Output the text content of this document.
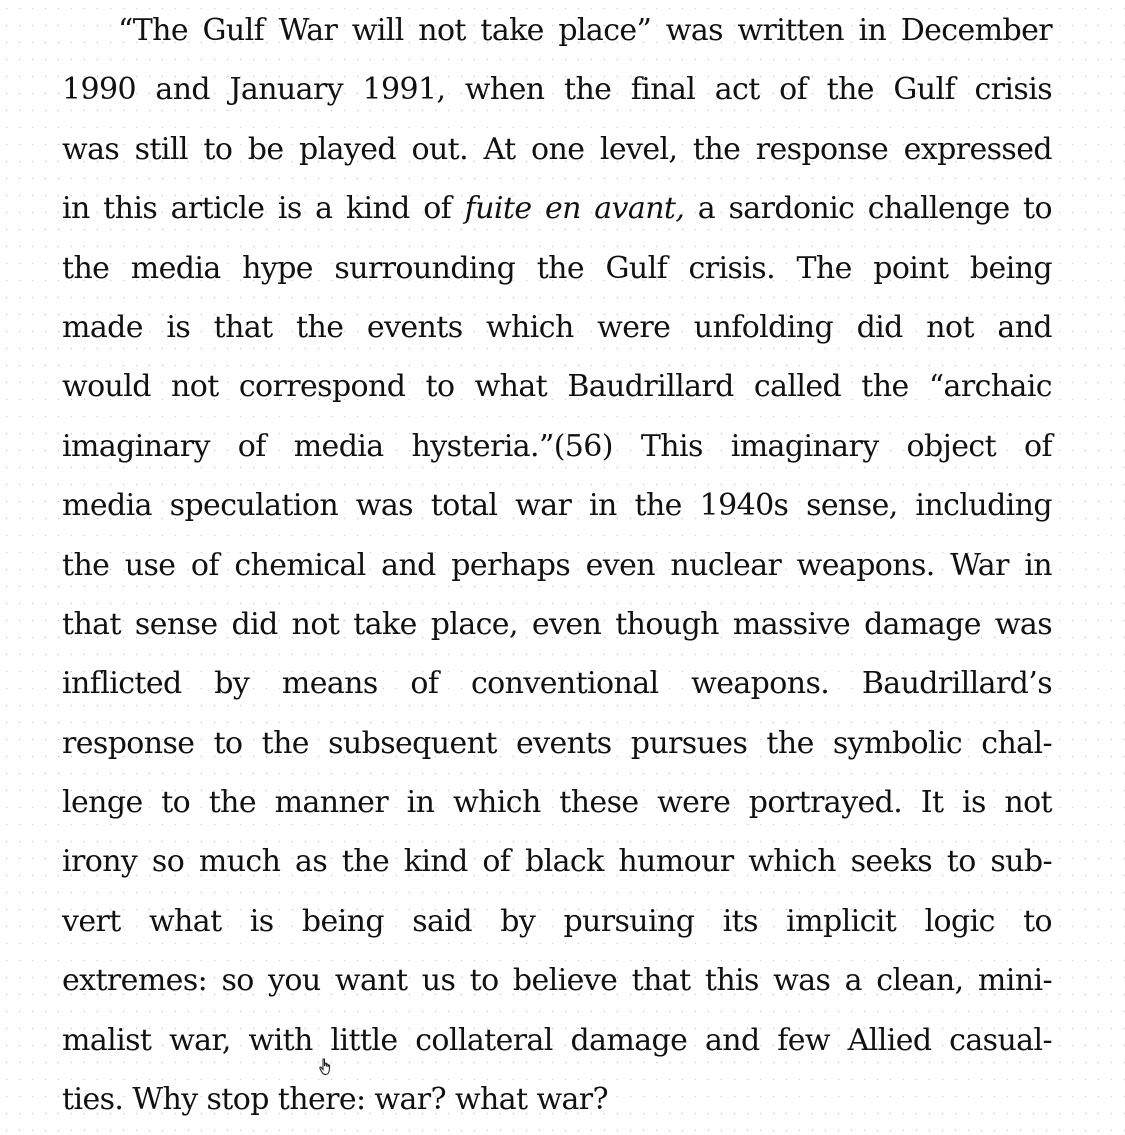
“The Gulf War will not take place” was written in December
1990 and January 1991, when the final act of the Gulf crisis
was still to be played out. At one level, the response expressed
in this article is a kind of fuite en avant, a sardonic challenge to
the media hype surrounding the Gulf crisis. The point being
made is that the events which were unfolding did not and
would not correspond to what Baudrillard called the “archaic
imaginary of media hysteria.”(56) This imaginary object of
media speculation was total war in the 1940s sense, including
the use of chemical and perhaps even nuclear weapons. War in
that sense did not take place, even though massive damage was
inflicted by means of conventional weapons. Baudrillard’s
response to the subsequent events pursues the symbolic chal-
lenge to the manner in which these were portrayed. It is not
irony so much as the kind of black humour which seeks to sub-
vert what is being said by pursuing its implicit logic to
extremes: so you want us to believe that this was a clean, mini-
malist war, with little collateral damage and few Allied casual-
ties. Why stop there: war? what war?
